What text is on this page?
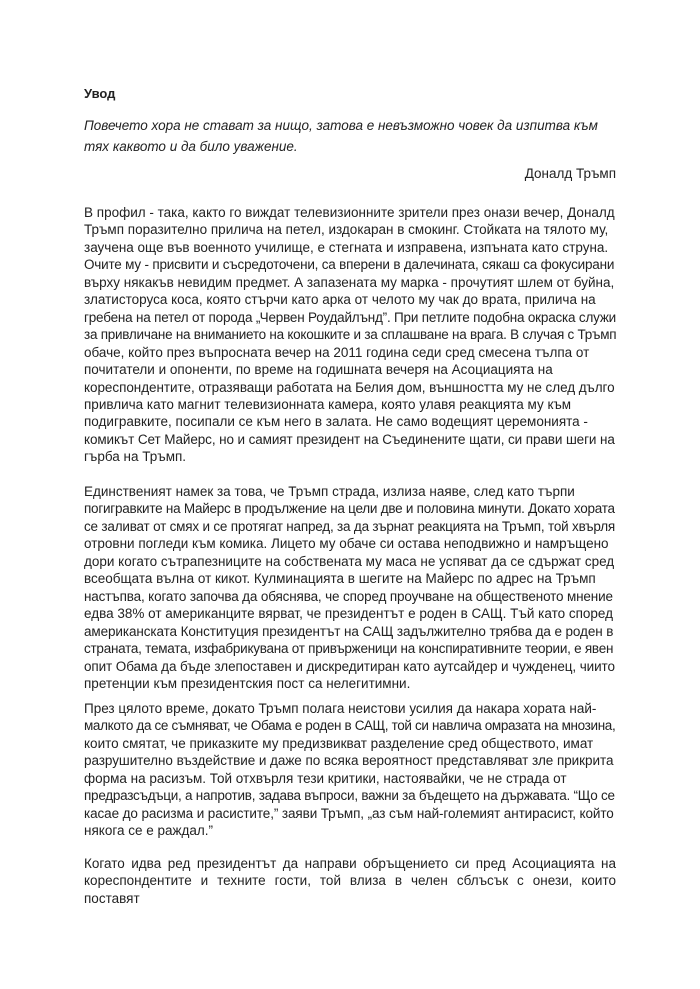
Увод

Повечето хора не стават за нищо, затова е невъзможно човек да изпитва към тях каквото и да било уважение.

Доналд Тръмп

В профил - така, както го виждат телевизионните зрители през онази вечер, Доналд
Тръмп поразително прилича на петел, издокаран в смокинг. Стойката на тялото му,
заучена още във военното училище, е стегната и изправена, изпъната като струна.
Очите му - присвити и съсредоточени, са вперени в далечината, сякаш са фокусирани
върху някакъв невидим предмет. А запазената му марка - прочутият шлем от буйна,
златисторуса коса, която стърчи като арка от челото му чак до врата, прилича на
гребена на петел от порода „Червен Роудайлънд”. При петлите подобна окраска служи
за привличане на вниманието на кокошките и за сплашване на врага. В случая с Тръмп
обаче, който през въпросната вечер на 2011 година седи сред смесена тълпа от
почитатели и опоненти, по време на годишната вечеря на Асоциацията на
кореспондентите, отразяващи работата на Белия дом, външността му не след дълго
привлича като магнит телевизионната камера, която улавя реакцията му към
подигравките, посипали се към него в залата. Не само водещият церемонията -
комикът Сет Майерс, но и самият президент на Съединените щати, си прави шеги на
гърба на Тръмп.

Единственият намек за това, че Тръмп страда, излиза наяве, след като търпи
погигравките на Майерс в продължение на цели две и половина минути. Докато хората
се заливат от смях и се протягат напред, за да зърнат реакцията на Тръмп, той хвърля
отровни погледи към комика. Лицето му обаче си остава неподвижно и намръщено
дори когато сътрапезниците на собствената му маса не успяват да се сдържат сред
всеобщата вълна от кикот. Кулминацията в шегите на Майерс по адрес на Тръмп
настъпва, когато започва да обяснява, че според проучване на общественото мнение
едва 38% от американците вярват, че президентът е роден в САЩ. Тъй като според
американската Конституция президентът на САЩ задължително трябва да е роден в
страната, темата, изфабрикувана от привърженици на конспиративните теории, е явен
опит Обама да бъде злепоставен и дискредитиран като аутсайдер и чужденец, чиито
претенции към президентския пост са нелегитимни.

През цялото време, докато Тръмп полага неистови усилия да накара хората най-
малкото да се съмняват, че Обама е роден в САЩ, той си навлича омразата на мнозина,
които смятат, че приказките му предизвикват разделение сред обществото, имат
разрушително въздействие и даже по всяка вероятност представляват зле прикрита
форма на расизъм. Той отхвърля тези критики, настоявайки, че не страда от
предразсъдъци, а напротив, задава въпроси, важни за бъдещето на държавата. “Що се
касае до расизма и расистите,” заяви Тръмп, „аз съм най-големият антирасист, който
някога се е раждал.”

Когато идва ред президентът да направи обръщението си пред Асоциацията на
кореспондентите и техните гости, той влиза в челен сблъсък с онези, които поставят
